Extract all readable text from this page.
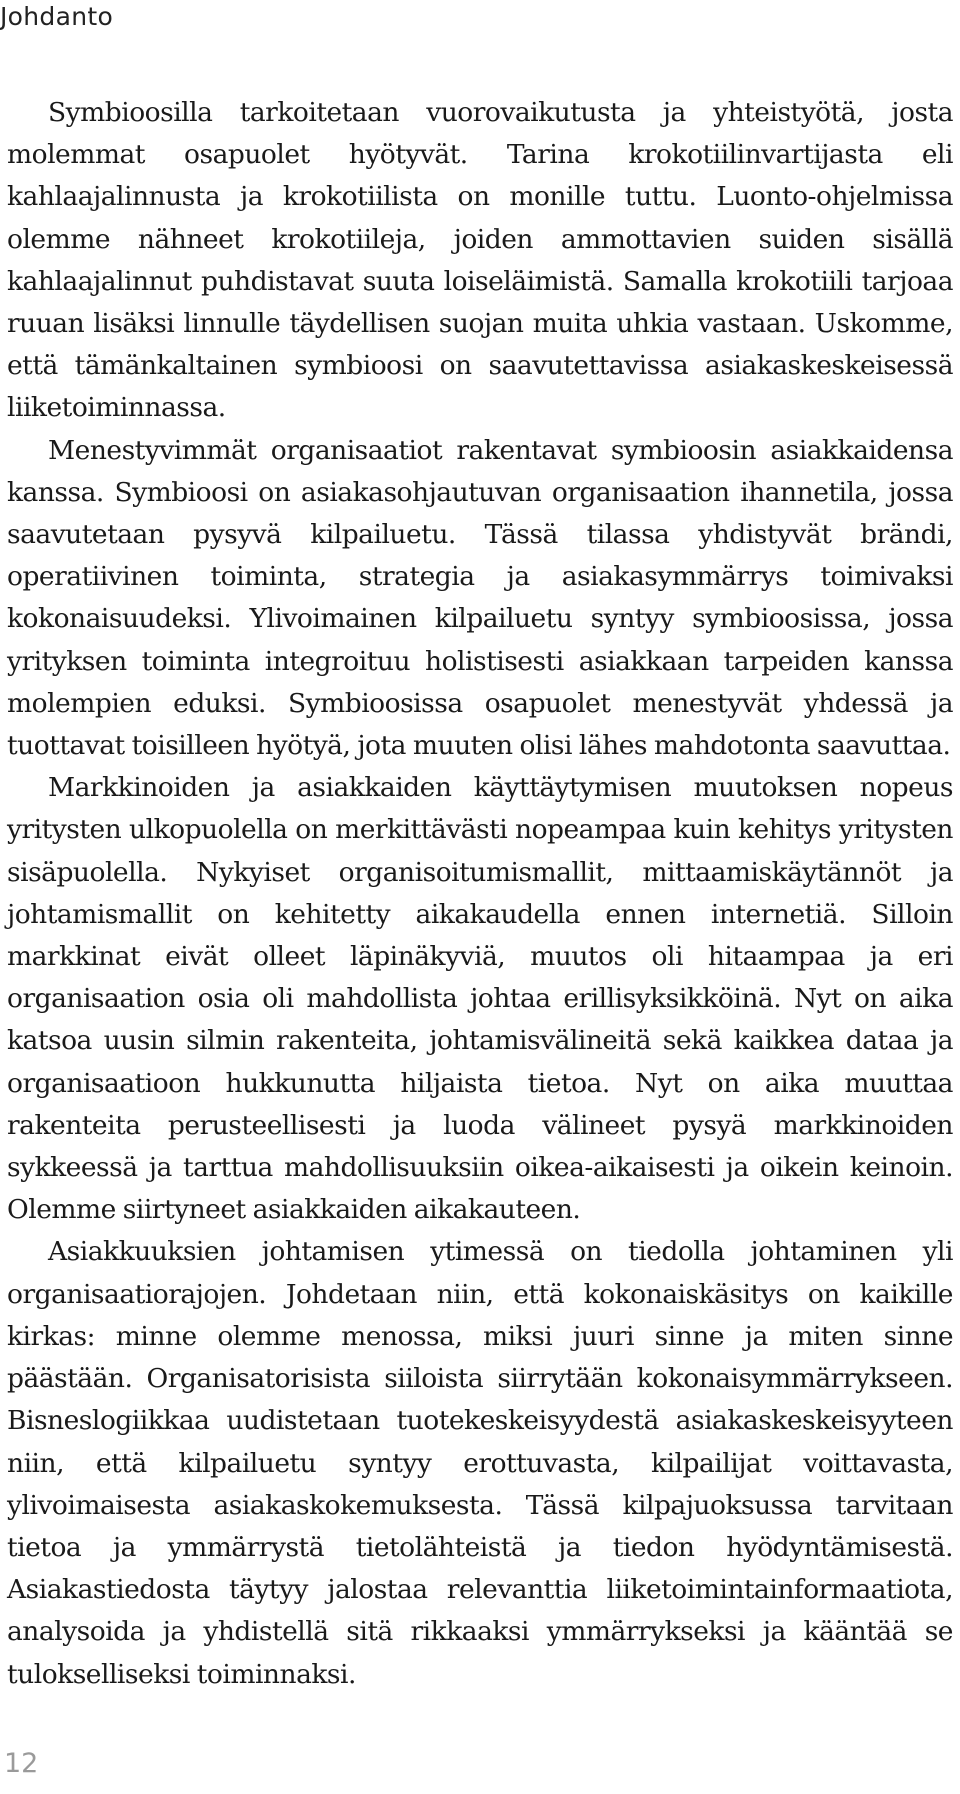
Johdanto

Symbioosilla tarkoitetaan vuorovaikutusta ja yhteistyötä, josta molemmat osapuolet hyötyvät. Tarina krokotiilinvartijasta eli kahlaajalinnusta ja krokotiilista on monille tuttu. Luonto-ohjelmissa olemme nähneet krokotiileja, joiden ammottavien suiden sisällä kahlaajalinnut puhdistavat suuta loiseläimistä. Samalla krokotiili tarjoaa ruuan lisäksi linnulle täydellisen suojan muita uhkia vastaan. Uskomme, että tämänkaltainen symbioosi on saavutettavissa asiakaskeskeisessä liiketoiminnassa.

Menestyvimmät organisaatiot rakentavat symbioosin asiakkaidensa kanssa. Symbioosi on asiakasohjautuvan organisaation ihannetila, jossa saavutetaan pysyvä kilpailuetu. Tässä tilassa yhdistyvät brändi, operatiivinen toiminta, strategia ja asiakasymmärrys toimivaksi kokonaisuudeksi. Ylivoimainen kilpailuetu syntyy symbioosissa, jossa yrityksen toiminta integroituu holistisesti asiakkaan tarpeiden kanssa molempien eduksi. Symbioosissa osapuolet menestyvät yhdessä ja tuottavat toisilleen hyötyä, jota muuten olisi lähes mahdotonta saavuttaa.

Markkinoiden ja asiakkaiden käyttäytymisen muutoksen nopeus yritysten ulkopuolella on merkittävästi nopeampaa kuin kehitys yritysten sisäpuolella. Nykyiset organisoitumismallit, mittaamiskäytännöt ja johtamismallit on kehitetty aikakaudella ennen internetiä. Silloin markkinat eivät olleet läpinäkyviä, muutos oli hitaampaa ja eri organisaation osia oli mahdollista johtaa erillisyksikköinä. Nyt on aika katsoa uusin silmin rakenteita, johtamisvälineitä sekä kaikkea dataa ja organisaatioon hukkunutta hiljaista tietoa. Nyt on aika muuttaa rakenteita perusteellisesti ja luoda välineet pysyä markkinoiden sykkeessä ja tarttua mahdollisuuksiin oikea-aikaisesti ja oikein keinoin. Olemme siirtyneet asiakkaiden aikakauteen.

Asiakkuuksien johtamisen ytimessä on tiedolla johtaminen yli organisaatiorajojen. Johdetaan niin, että kokonaiskäsitys on kaikille kirkas: minne olemme menossa, miksi juuri sinne ja miten sinne päästään. Organisatorisista siiloista siirrytään kokonaisymmärrykseen. Bisneslogiikkaa uudistetaan tuotekeskeisyydestä asiakaskeskeisyyteen niin, että kilpailuetu syntyy erottuvasta, kilpailijat voittavasta, ylivoimaisesta asiakaskokemuksesta. Tässä kilpajuoksussa tarvitaan tietoa ja ymmärrystä tietolähteistä ja tiedon hyödyntämisestä. Asiakastiedosta täytyy jalostaa relevanttia liiketoimintainformaatiota, analysoida ja yhdistellä sitä rikkaaksi ymmärrykseksi ja kääntää se tulokselliseksi toiminnaksi.

12
